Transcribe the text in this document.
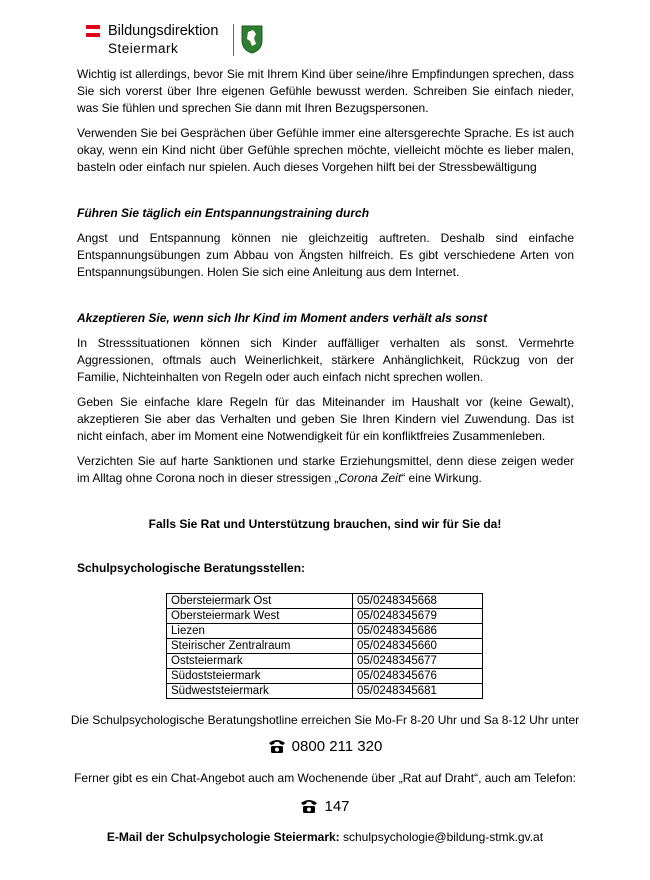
Bildungsdirektion
Steiermark

Wichtig ist allerdings, bevor Sie mit Ihrem Kind über seine/ihre Empfindungen sprechen, dass Sie sich vorerst über Ihre eigenen Gefühle bewusst werden. Schreiben Sie einfach nieder, was Sie fühlen und sprechen Sie dann mit Ihren Bezugspersonen.

Verwenden Sie bei Gesprächen über Gefühle immer eine altersgerechte Sprache. Es ist auch okay, wenn ein Kind nicht über Gefühle sprechen möchte, vielleicht möchte es lieber malen, basteln oder einfach nur spielen. Auch dieses Vorgehen hilft bei der Stressbewältigung

Führen Sie täglich ein Entspannungstraining durch

Angst und Entspannung können nie gleichzeitig auftreten. Deshalb sind einfache Entspannungsübungen zum Abbau von Ängsten hilfreich. Es gibt verschiedene Arten von Entspannungsübungen. Holen Sie sich eine Anleitung aus dem Internet.

Akzeptieren Sie, wenn sich Ihr Kind im Moment anders verhält als sonst

In Stresssituationen können sich Kinder auffälliger verhalten als sonst. Vermehrte Aggressionen, oftmals auch Weinerlichkeit, stärkere Anhänglichkeit, Rückzug von der Familie, Nichteinhalten von Regeln oder auch einfach nicht sprechen wollen.

Geben Sie einfache klare Regeln für das Miteinander im Haushalt vor (keine Gewalt), akzeptieren Sie aber das Verhalten und geben Sie Ihren Kindern viel Zuwendung. Das ist nicht einfach, aber im Moment eine Notwendigkeit für ein konfliktfreies Zusammenleben.

Verzichten Sie auf harte Sanktionen und starke Erziehungsmittel, denn diese zeigen weder im Alltag ohne Corona noch in dieser stressigen „Corona Zeit“ eine Wirkung.

Falls Sie Rat und Unterstützung brauchen, sind wir für Sie da!
Schulpsychologische Beratungsstellen:
Obersteiermark Ost	05/0248345668
Obersteiermark West	05/0248345679
Liezen	05/0248345686
Steirischer Zentralraum	05/0248345660
Oststeiermark	05/0248345677
Südoststeiermark	05/0248345676
Südweststeiermark	05/0248345681
Die Schulpsychologische Beratungshotline erreichen Sie Mo-Fr 8-20 Uhr und Sa 8-12 Uhr unter
0800 211 320
Ferner gibt es ein Chat-Angebot auch am Wochenende über „Rat auf Draht“, auch am Telefon:
147
E-Mail der Schulpsychologie Steiermark: schulpsychologie@bildung-stmk.gv.at
